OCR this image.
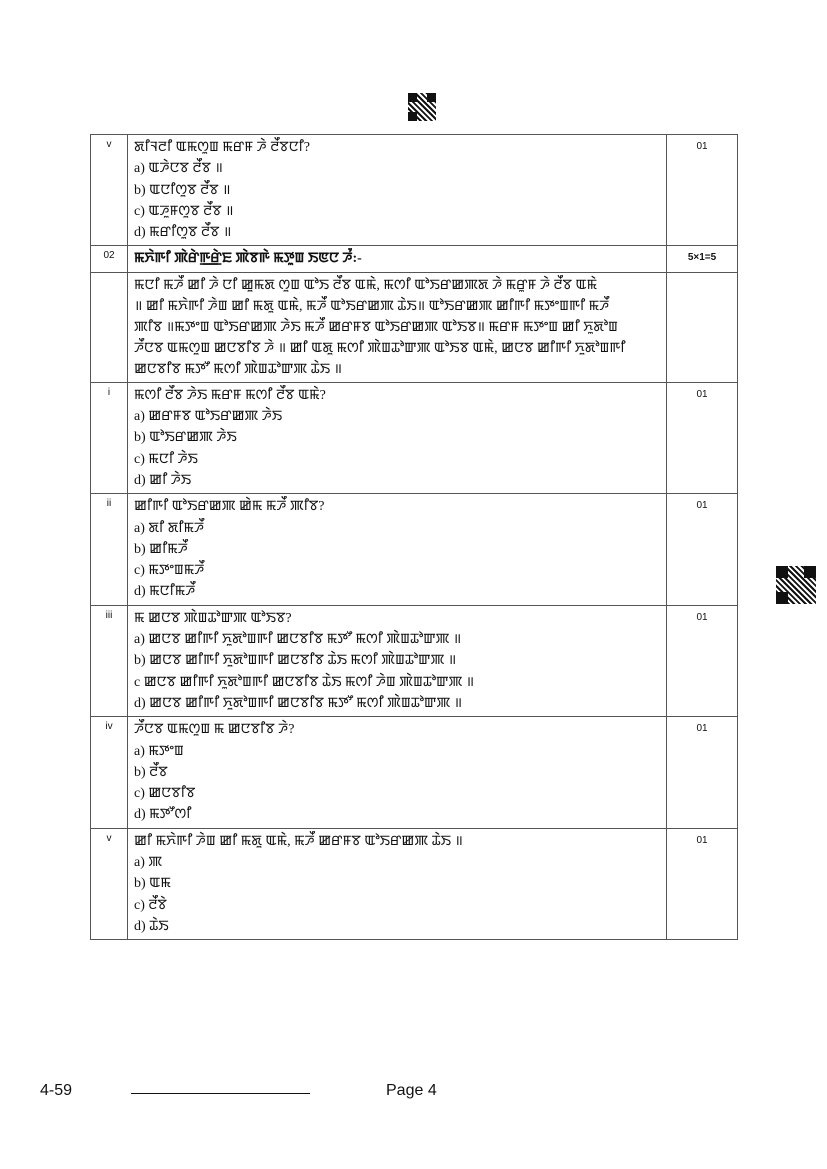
v	ꯗꯤꯜꯂꯤ ꯑꯃꯁꯨꯡ ꯃꯔꯝ ꯍꯥ ꯂꯩꯕꯅꯤ?
a) ꯑꯍꯥꯅꯕ ꯂꯩꯕ ॥
b) ꯑꯅꯤꯁꯨꯕ ꯂꯩꯕ ॥
c) ꯑꯍꯨꯝꯁꯨꯕ ꯂꯩꯕ ॥
d) ꯃꯔꯤꯁꯨꯕ ꯂꯩꯕ ॥	01
02	ꯃꯈꯥꯒꯤ ꯄꯥꯔꯥꯒ꯭ꯔꯥꯐ ꯄꯥꯕꯒꯥ ꯃꯇꯨꯡ ꯏꯟꯅ ꯍꯪ:-	5×1=5

	ꯃꯅꯤ ꯃꯍꯩ ꯀꯤ ꯍꯥ ꯅꯤ ꯀꯨꯃꯗ ꯁꯨꯡ ꯑꯣꯏ ꯂꯩꯕ ꯑꯃꯥ, ꯃꯁꯤ ꯑꯣꯏꯔꯀꯄꯗ ꯍꯥ ꯃꯔꯨꯝ ꯍꯥ ꯂꯩꯕ ꯑꯃꯥ
॥ ꯀꯤ ꯃꯈꯥꯒꯤ ꯍꯥꯡ ꯀꯤ ꯃꯗꯨ ꯑꯃꯥ, ꯃꯍꯩ ꯑꯣꯏꯔꯀꯄ ꯊꯥꯏ॥ ꯑꯣꯏꯔꯀꯄ ꯀꯤꯒꯤ ꯃꯇꯦꯡꯒꯤ ꯃꯍꯩ
ꯄꯤꯕ ॥ꯃꯇꯦꯡ ꯑꯣꯏꯔꯀꯄ ꯍꯥꯏ ꯃꯍꯩ ꯀꯔꯝꯕ ꯑꯣꯏꯔꯀꯄ ꯑꯣꯏꯕ॥ ꯃꯔꯝ ꯃꯇꯦꯡ ꯀꯤ ꯈꯨꯗꯣꯡ
ꯍꯩꯅꯕ ꯑꯃꯁꯨꯡ ꯀꯅꯕꯤꯕ ꯍꯥ ॥ ꯀꯤ ꯑꯗꯨ ꯃꯁꯤ ꯄꯥꯡꯊꯣꯛꯄ ꯑꯣꯏꯕ ꯑꯃꯥ, ꯀꯅꯕ ꯀꯤꯒꯤ ꯈꯨꯗꯣꯡꯒꯤ
ꯀꯅꯕꯤꯕ ꯃꯇꯧ ꯃꯁꯤ ꯄꯥꯡꯊꯣꯛꯄ ꯊꯥꯏ ॥	

i	ꯃꯁꯤ ꯂꯩꯕ ꯍꯥꯏ ꯃꯔꯝ ꯃꯁꯤ ꯂꯩꯕ ꯑꯃꯥ?
a) ꯀꯔꯝꯕ ꯑꯣꯏꯔꯀꯄ ꯍꯥꯏ
b) ꯑꯣꯏꯔꯀꯄ ꯍꯥꯏ
c) ꯃꯅꯤ ꯍꯥꯏ
d) ꯀꯤ ꯍꯥꯏ	01
ii	ꯀꯤꯒꯤ ꯑꯣꯏꯔꯀꯄ ꯀꯥꯃ ꯃꯍꯩ ꯄꯤꯕ?
a) ꯗꯤ ꯗꯤꯃꯍꯩ
b) ꯀꯤꯃꯍꯩ
c) ꯃꯇꯦꯡꯃꯍꯩ
d) ꯃꯅꯤꯃꯍꯩ	01
iii	ꯃ ꯀꯅꯕ ꯄꯥꯡꯊꯣꯛꯄ ꯑꯣꯏꯕ?
a) ꯀꯅꯕ ꯀꯤꯒꯤ ꯈꯨꯗꯣꯡꯒꯤ ꯀꯅꯕꯤꯕ ꯃꯇꯧ ꯃꯁꯤ ꯄꯥꯡꯊꯣꯛꯄ ॥
b) ꯀꯅꯕ ꯀꯤꯒꯤ ꯈꯨꯗꯣꯡꯒꯤ ꯀꯅꯕꯤꯕ ꯊꯥꯏ ꯃꯁꯤ ꯄꯥꯡꯊꯣꯛꯄ ॥
c ꯀꯅꯕ ꯀꯤꯒꯤ ꯈꯨꯗꯣꯡꯒꯤ ꯀꯅꯕꯤꯕ ꯊꯥꯏ ꯃꯁꯤ ꯍꯥꯡ ꯄꯥꯡꯊꯣꯛꯄ ॥
d) ꯀꯅꯕ ꯀꯤꯒꯤ ꯈꯨꯗꯣꯡꯒꯤ ꯀꯅꯕꯤꯕ ꯃꯇꯧ ꯃꯁꯤ ꯄꯥꯡꯊꯣꯛꯄ ॥	01
iv	ꯍꯩꯅꯕ ꯑꯃꯁꯨꯡ ꯃ ꯀꯅꯕꯤꯕ ꯍꯥ?
a) ꯃꯇꯦꯡ
b) ꯂꯩꯕ
c) ꯀꯅꯕꯤꯕ
d) ꯃꯇꯧꯁꯤ	01
v	ꯀꯤ ꯃꯈꯥꯒꯤ ꯍꯥꯡ ꯀꯤ ꯃꯗꯨ ꯑꯃꯥ, ꯃꯍꯩ ꯀꯔꯝꯕ ꯑꯣꯏꯔꯀꯄ ꯊꯥꯏ ॥
a) ꯄ
b) ꯑꯃ
c) ꯂꯩꯕꯥ
d) ꯊꯥꯏ	01
4-59	Page 4
